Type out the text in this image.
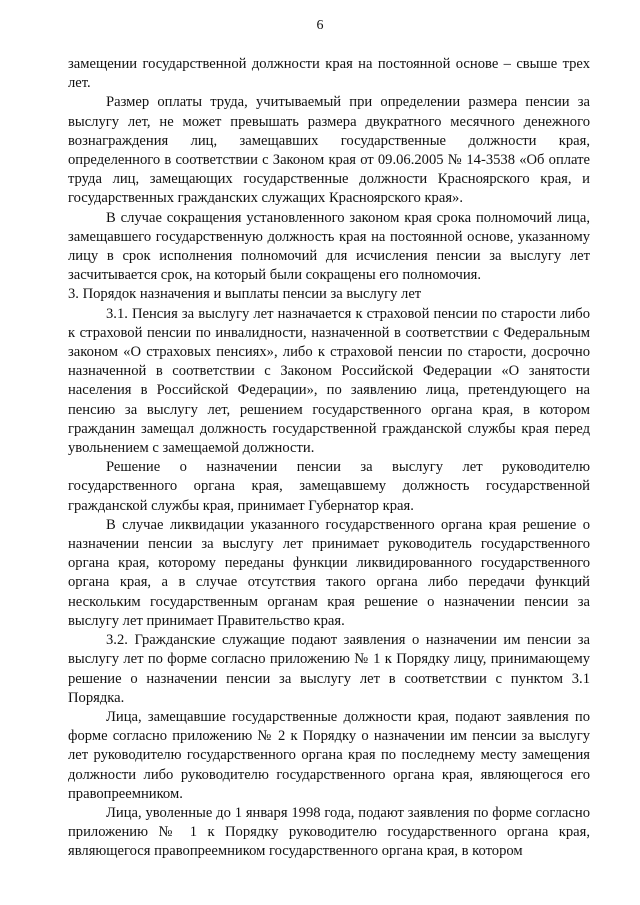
6

замещении государственной должности края на постоянной основе – свыше трех лет.

Размер оплаты труда, учитываемый при определении размера пенсии за выслугу лет, не может превышать размера двукратного месячного денежного вознаграждения лиц, замещавших государственные должности края, определенного в соответствии с Законом края от 09.06.2005 № 14-3538 «Об оплате труда лиц, замещающих государственные должности Красноярского края, и государственных гражданских служащих Красноярского края».

В случае сокращения установленного законом края срока полномочий лица, замещавшего государственную должность края на постоянной основе, указанному лицу в срок исполнения полномочий для исчисления пенсии за выслугу лет засчитывается срок, на который были сокращены его полномочия.

3. Порядок назначения и выплаты пенсии за выслугу лет

3.1. Пенсия за выслугу лет назначается к страховой пенсии по старости либо к страховой пенсии по инвалидности, назначенной в соответствии с Федеральным законом «О страховых пенсиях», либо к страховой пенсии по старости, досрочно назначенной в соответствии с Законом Российской Федерации «О занятости населения в Российской Федерации», по заявлению лица, претендующего на пенсию за выслугу лет, решением государственного органа края, в котором гражданин замещал должность государственной гражданской службы края перед увольнением с замещаемой должности.

Решение о назначении пенсии за выслугу лет руководителю государственного органа края, замещавшему должность государственной гражданской службы края, принимает Губернатор края.

В случае ликвидации указанного государственного органа края решение о назначении пенсии за выслугу лет принимает руководитель государственного органа края, которому переданы функции ликвидированного государственного органа края, а в случае отсутствия такого органа либо передачи функций нескольким государственным органам края решение о назначении пенсии за выслугу лет принимает Правительство края.

3.2. Гражданские служащие подают заявления о назначении им пенсии за выслугу лет по форме согласно приложению № 1 к Порядку лицу, принимающему решение о назначении пенсии за выслугу лет в соответствии с пунктом 3.1 Порядка.

Лица, замещавшие государственные должности края, подают заявления по форме согласно приложению № 2 к Порядку о назначении им пенсии за выслугу лет руководителю государственного органа края по последнему месту замещения должности либо руководителю государственного органа края, являющегося его правопреемником.

Лица, уволенные до 1 января 1998 года, подают заявления по форме согласно приложению № 1 к Порядку руководителю государственного органа края, являющегося правопреемником государственного органа края, в котором
